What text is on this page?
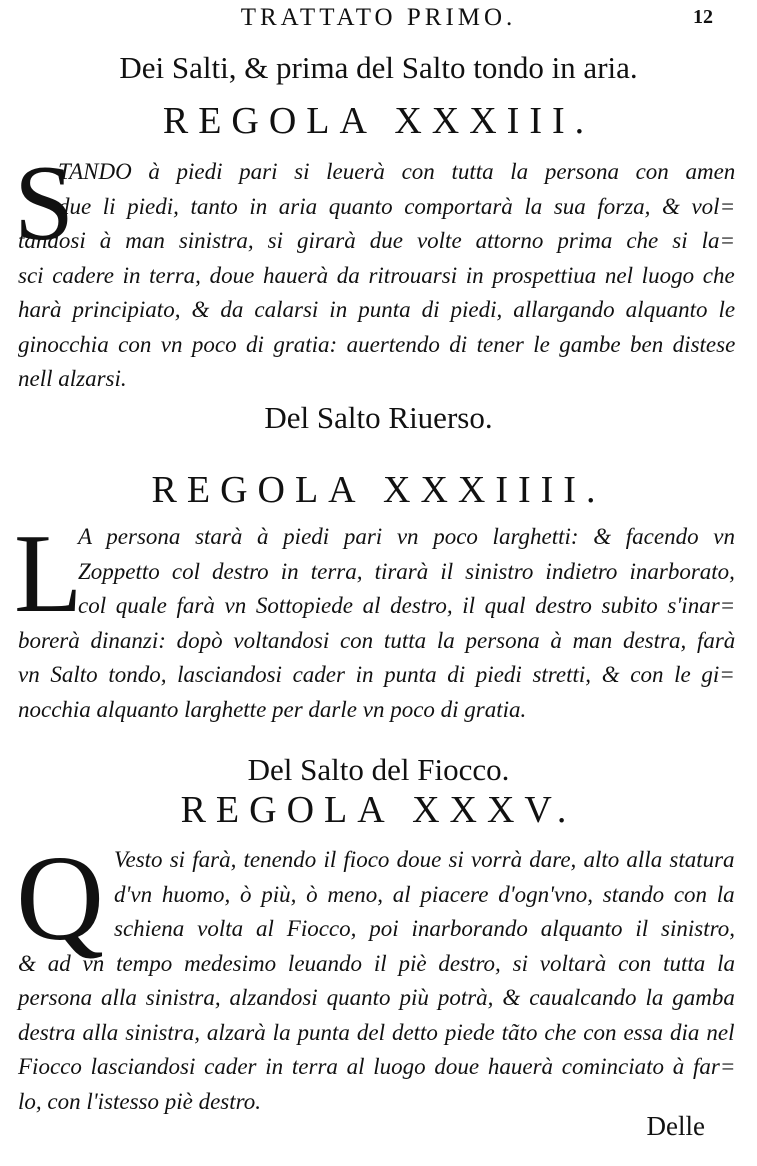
TRATTATO PRIMO.	12
Dei Salti, & prima del Salto tondo in aria.
REGOLA XXXIII.
S
TANDO à piedi pari si leuerà con tutta la persona con amen
due li piedi, tanto in aria quanto comportarà la sua forza, & vol=
tandosi à man sinistra, si girarà due volte attorno prima che si la=
sci cadere in terra, doue hauerà da ritrouarsi in prospettiua nel luogo che
harà principiato, & da calarsi in punta di piedi, allargando alquanto le
ginocchia con vn poco di gratia: auertendo di tener le gambe ben distese
nell alzarsi.
Del Salto Riuerso.
REGOLA XXXIIII.
L
A persona starà à piedi pari vn poco larghetti: & facendo vn
Zoppetto col destro in terra, tirarà il sinistro indietro inarborato,
col quale farà vn Sottopiede al destro, il qual destro subito s'inar=
borerà dinanzi: dopò voltandosi con tutta la persona à man destra, farà
vn Salto tondo, lasciandosi cader in punta di piedi stretti, & con le gi=
nocchia alquanto larghette per darle vn poco di gratia.
Del Salto del Fiocco.
REGOLA XXXV.
Q Vesto si farà, tenendo il fioco doue si vorrà dare, alto alla statura
d'vn huomo, ò più, ò meno, al piacere d'ogn'vno, stando con la
schiena volta al Fiocco, poi inarborando alquanto il sinistro,
& ad vn tempo medesimo leuando il piè destro, si voltarà con tutta la
persona alla sinistra, alzandosi quanto più potrà, & caualcando la gamba
destra alla sinistra, alzarà la punta del detto piede tãto che con essa dia nel
Fiocco lasciandosi cader in terra al luogo doue hauerà cominciato à far=
lo, con l'istesso piè destro.
Delle
